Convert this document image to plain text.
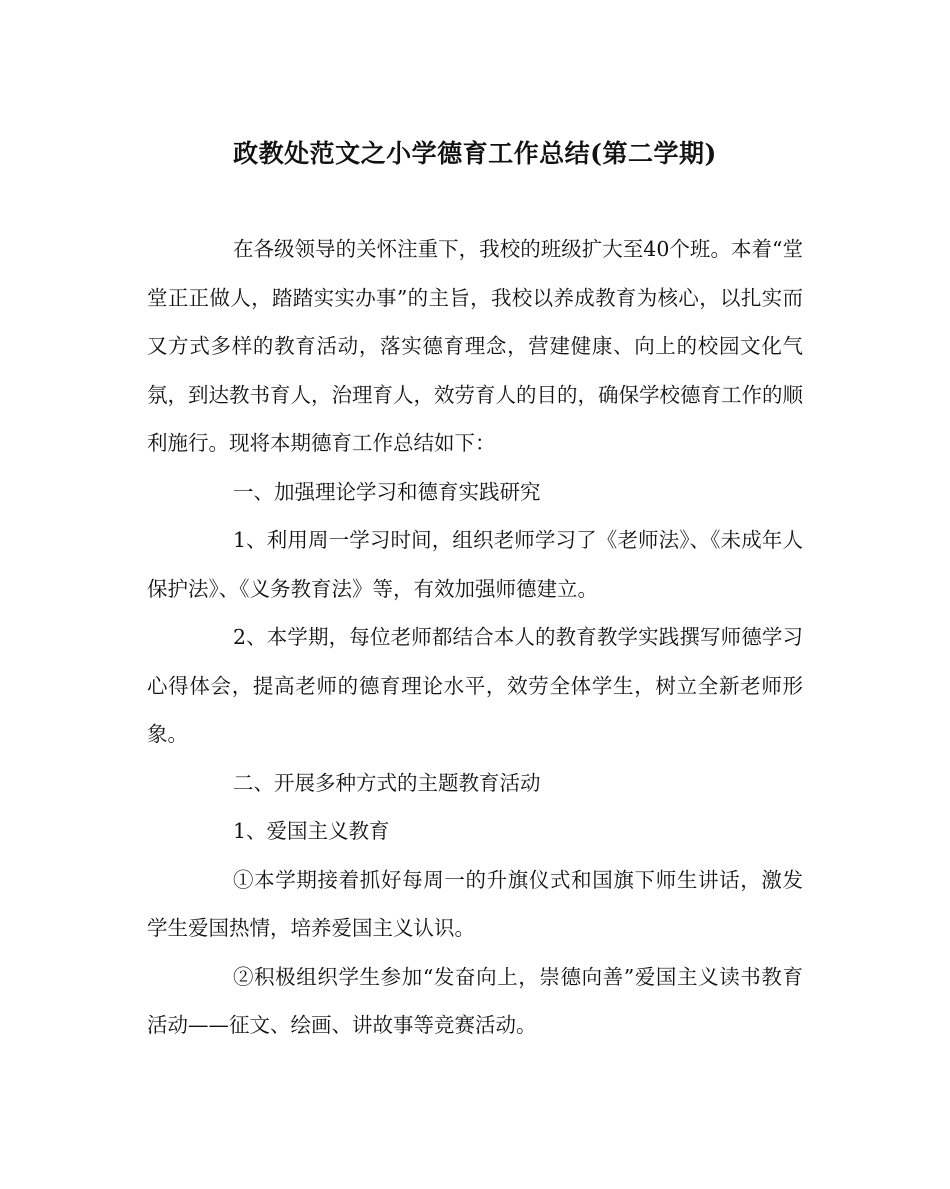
政教处范文之小学德育工作总结(第二学期)

在各级领导的关怀注重下，我校的班级扩大至40个班。本着“堂堂正正做人，踏踏实实办事”的主旨，我校以养成教育为核心，以扎实而又方式多样的教育活动，落实德育理念，营建健康、向上的校园文化气氛，到达教书育人，治理育人，效劳育人的目的，确保学校德育工作的顺利施行。现将本期德育工作总结如下：

一、加强理论学习和德育实践研究

1、利用周一学习时间，组织老师学习了《老师法》、《未成年人保护法》、《义务教育法》等，有效加强师德建立。

2、本学期，每位老师都结合本人的教育教学实践撰写师德学习心得体会，提高老师的德育理论水平，效劳全体学生，树立全新老师形象。

二、开展多种方式的主题教育活动

1、爱国主义教育

①本学期接着抓好每周一的升旗仪式和国旗下师生讲话，激发学生爱国热情，培养爱国主义认识。

②积极组织学生参加“发奋向上，崇德向善”爱国主义读书教育活动——征文、绘画、讲故事等竞赛活动。
